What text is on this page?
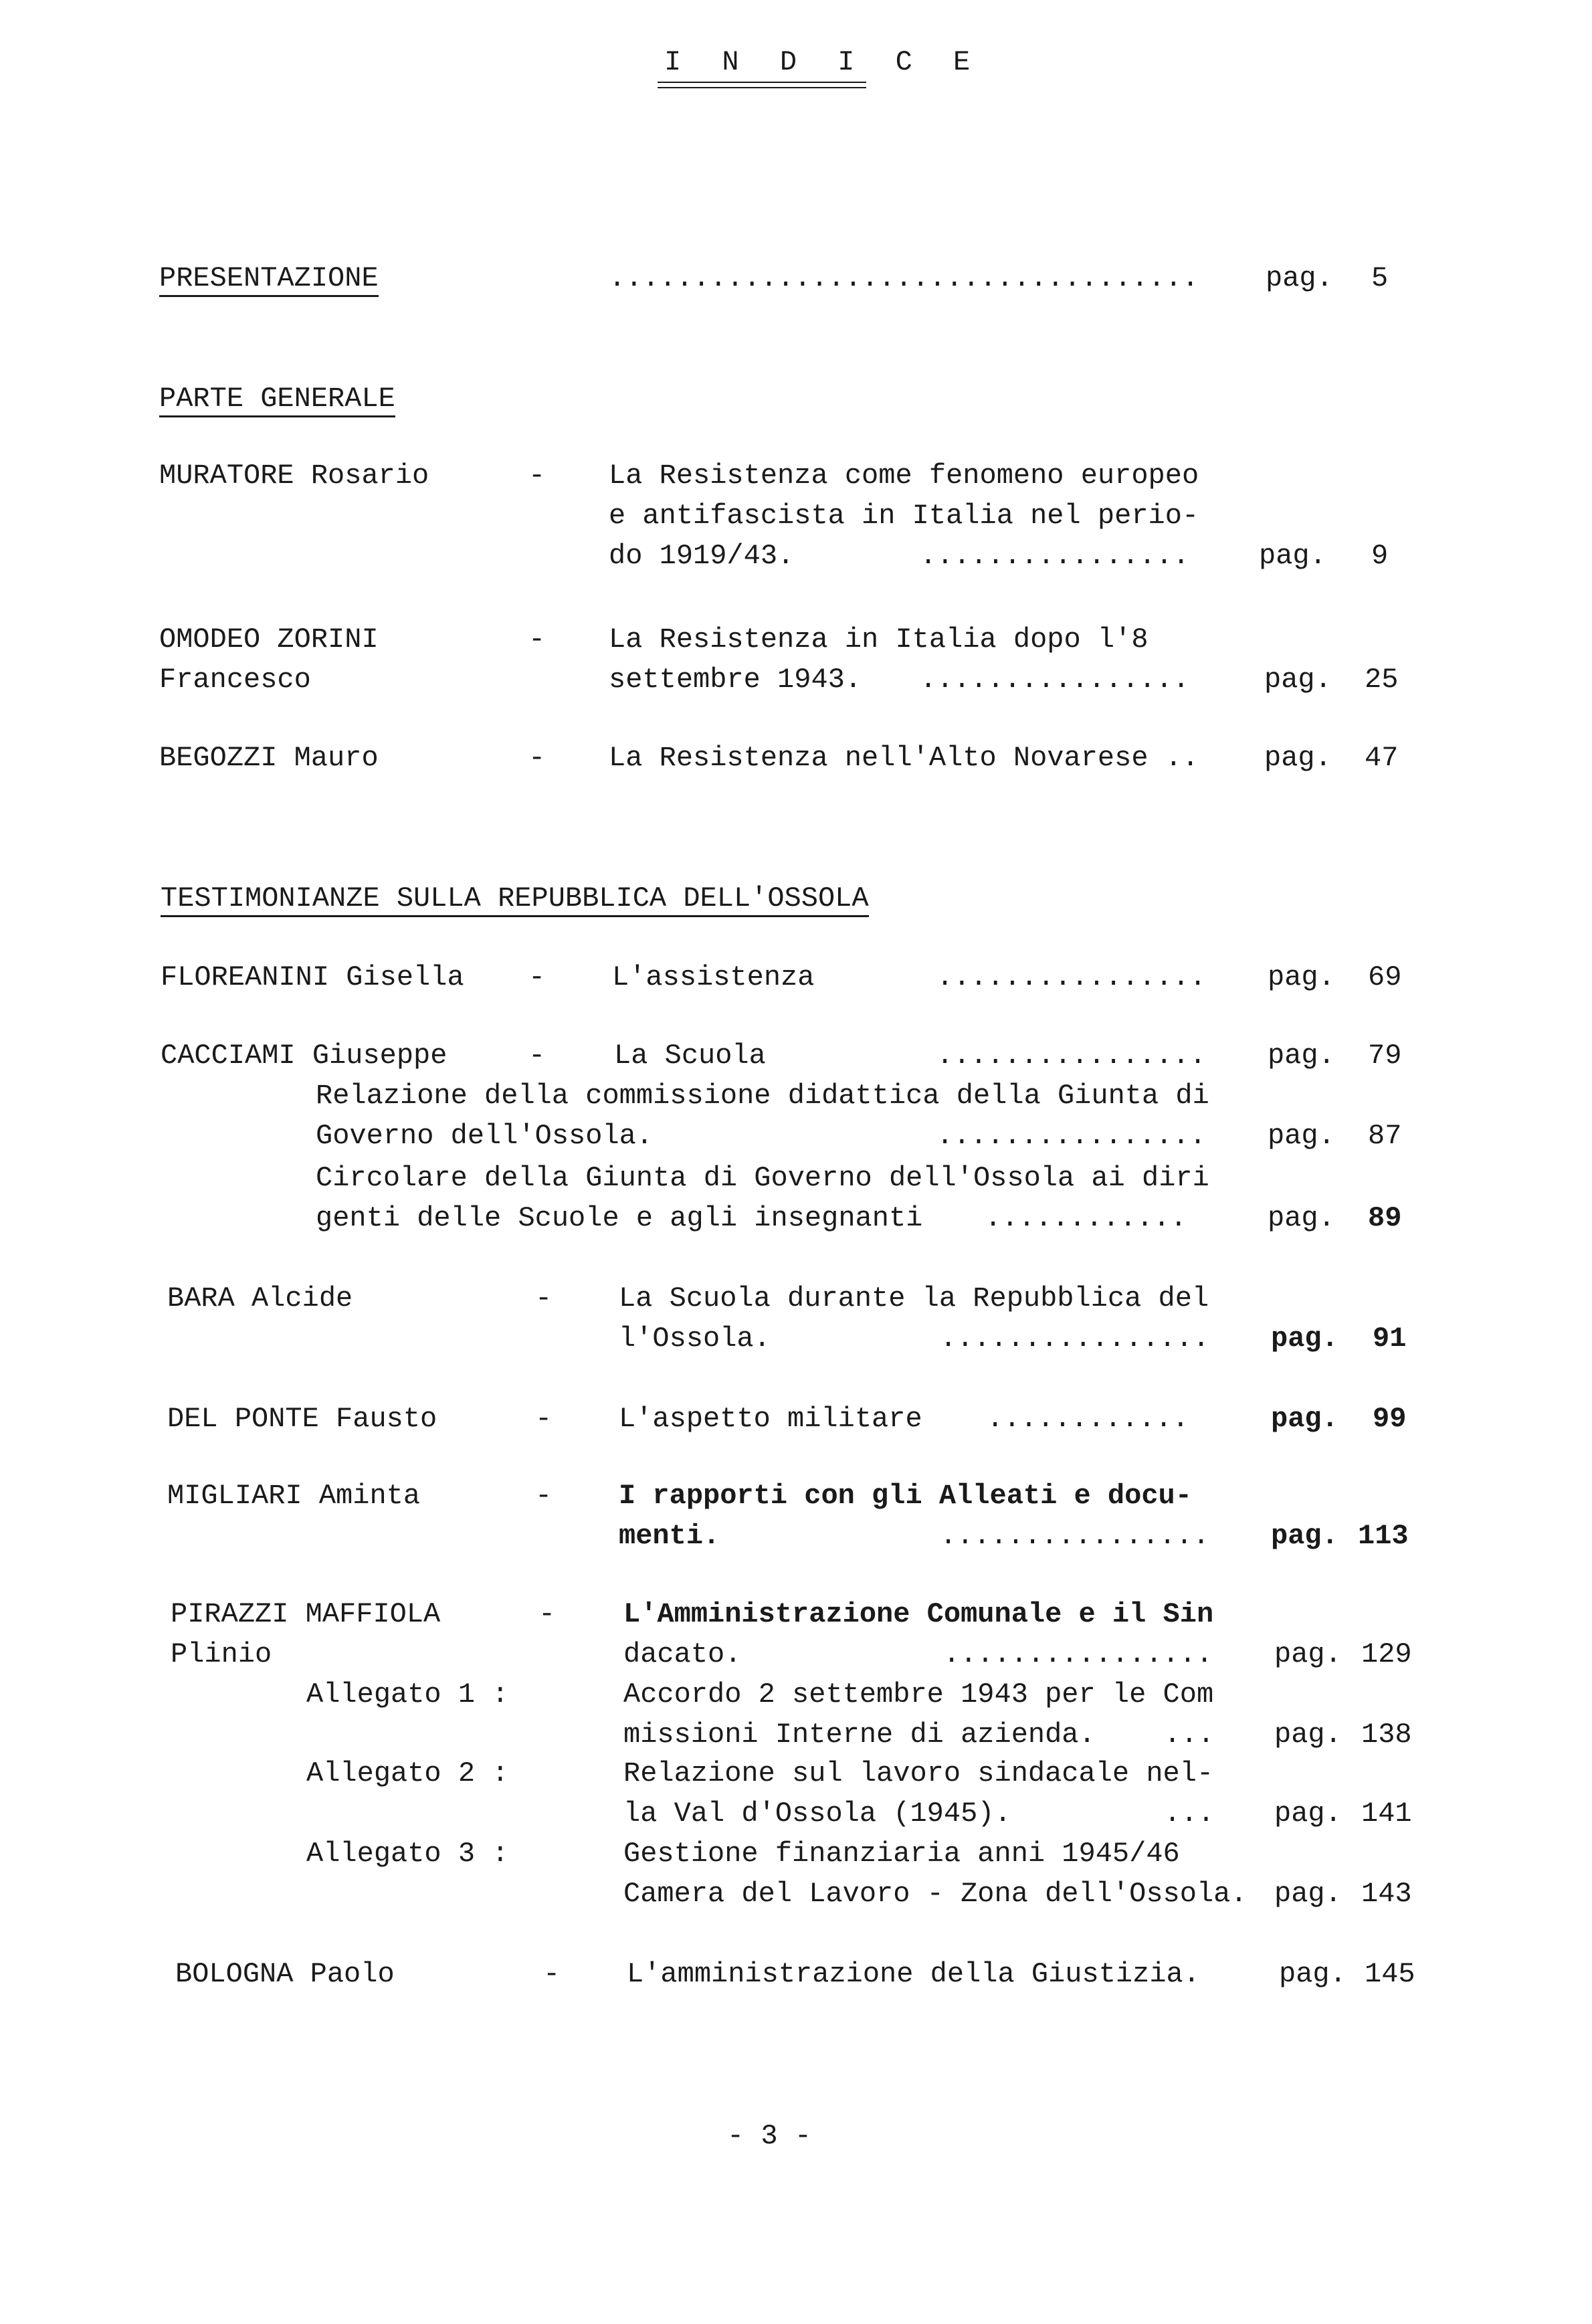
I N D I C E
PRESENTAZIONE	................................... pag. 5
PARTE GENERALE
MURATORE Rosario	- La Resistenza come fenomeno europeo
e antifascista in Italia nel perio-
do 1919/43.	................ pag. 9
OMODEO ZORINI
Francesco
- La Resistenza in Italia dopo l'8
settembre 1943. ................	pag. 25
BEGOZZI Mauro	- La Resistenza nell'Alto Novarese .. pag. 47
TESTIMONIANZE SULLA REPUBBLICA DELL'OSSOLA
FLOREANINI Gisella - L'assistenza	................ pag. 69
CACCIAMI Giuseppe	- La Scuola	................ pag. 79
Relazione della commissione didattica della Giunta di
Governo dell'Ossola.	................ pag. 87
Circolare della Giunta di Governo dell'Ossola ai diri
genti delle Scuole e agli insegnanti ............	pag. 89
BARA Alcide	- La Scuola durante la Repubblica del
l'Ossola.	................ pag. 91
DEL PONTE Fausto	- L'aspetto militare ............	pag. 99
MIGLIARI Aminta	- I rapporti con gli Alleati e docu-
menti.	................ pag. 113
PIRAZZI MAFFIOLA
Plinio
- L'Amministrazione Comunale e il Sin
dacato.	................ pag. 129
Allegato 1 :	Accordo 2 settembre 1943 per le Com
missioni Interne di azienda. ... pag. 138
Allegato 2 :	Relazione sul lavoro sindacale nel-
la Val d'Ossola (1945).	... pag. 141
Allegato 3 :	Gestione finanziaria anni 1945/46
Camera del Lavoro - Zona dell'Ossola. pag. 143
BOLOGNA Paolo	- L'amministrazione della Giustizia.	pag. 145
- 3 -
